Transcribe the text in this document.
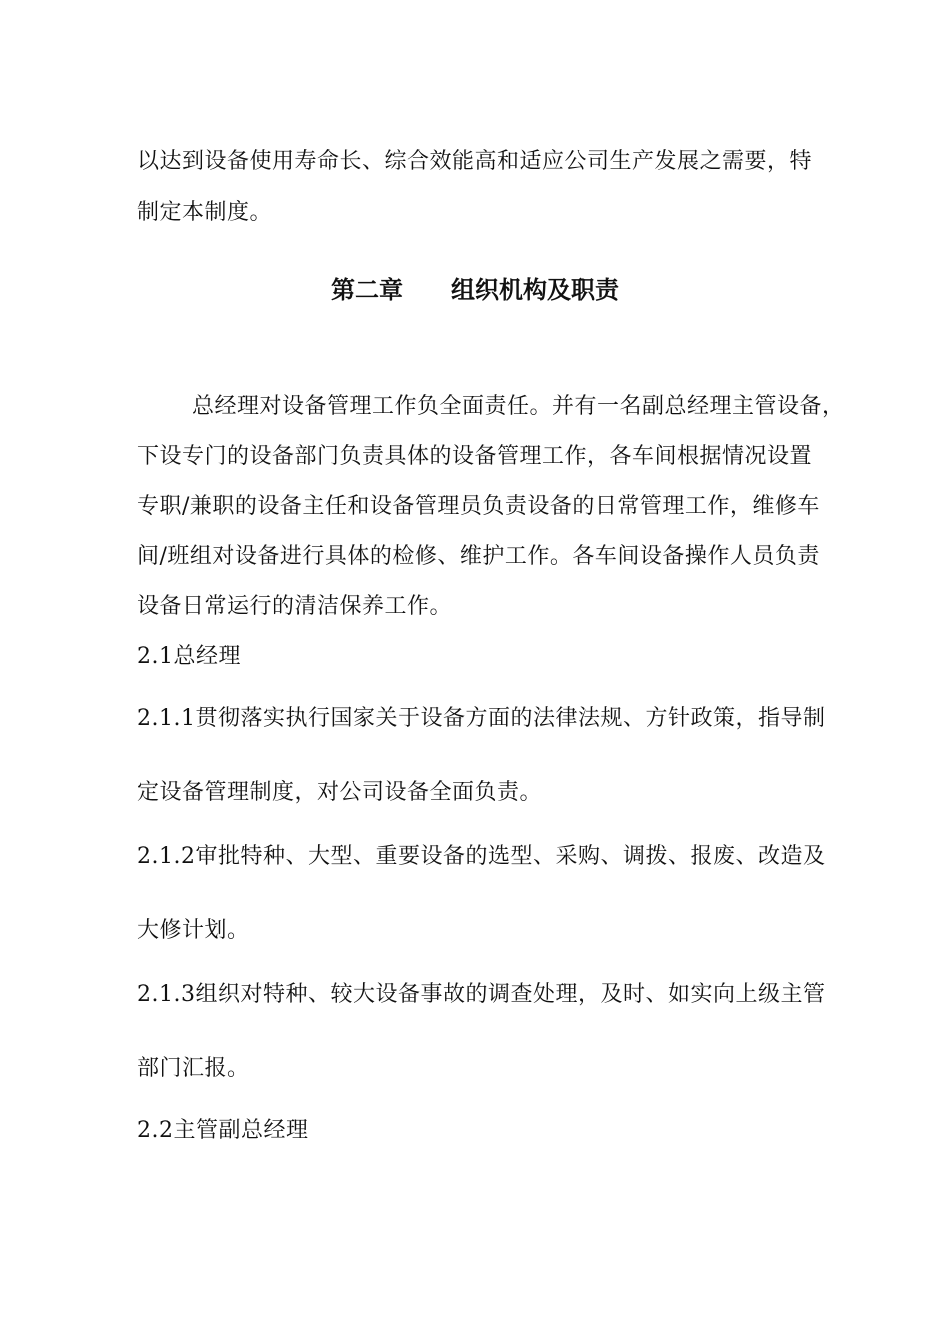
以达到设备使用寿命长、综合效能高和适应公司生产发展之需要，特
制定本制度。
第二章　　组织机构及职责
总经理对设备管理工作负全面责任。并有一名副总经理主管设备，
下设专门的设备部门负责具体的设备管理工作，各车间根据情况设置
专职/兼职的设备主任和设备管理员负责设备的日常管理工作，维修车
间/班组对设备进行具体的检修、维护工作。各车间设备操作人员负责
设备日常运行的清洁保养工作。
2.1总经理
2.1.1贯彻落实执行国家关于设备方面的法律法规、方针政策，指导制
定设备管理制度，对公司设备全面负责。
2.1.2审批特种、大型、重要设备的选型、采购、调拨、报废、改造及
大修计划。
2.1.3组织对特种、较大设备事故的调查处理，及时、如实向上级主管
部门汇报。
2.2主管副总经理
